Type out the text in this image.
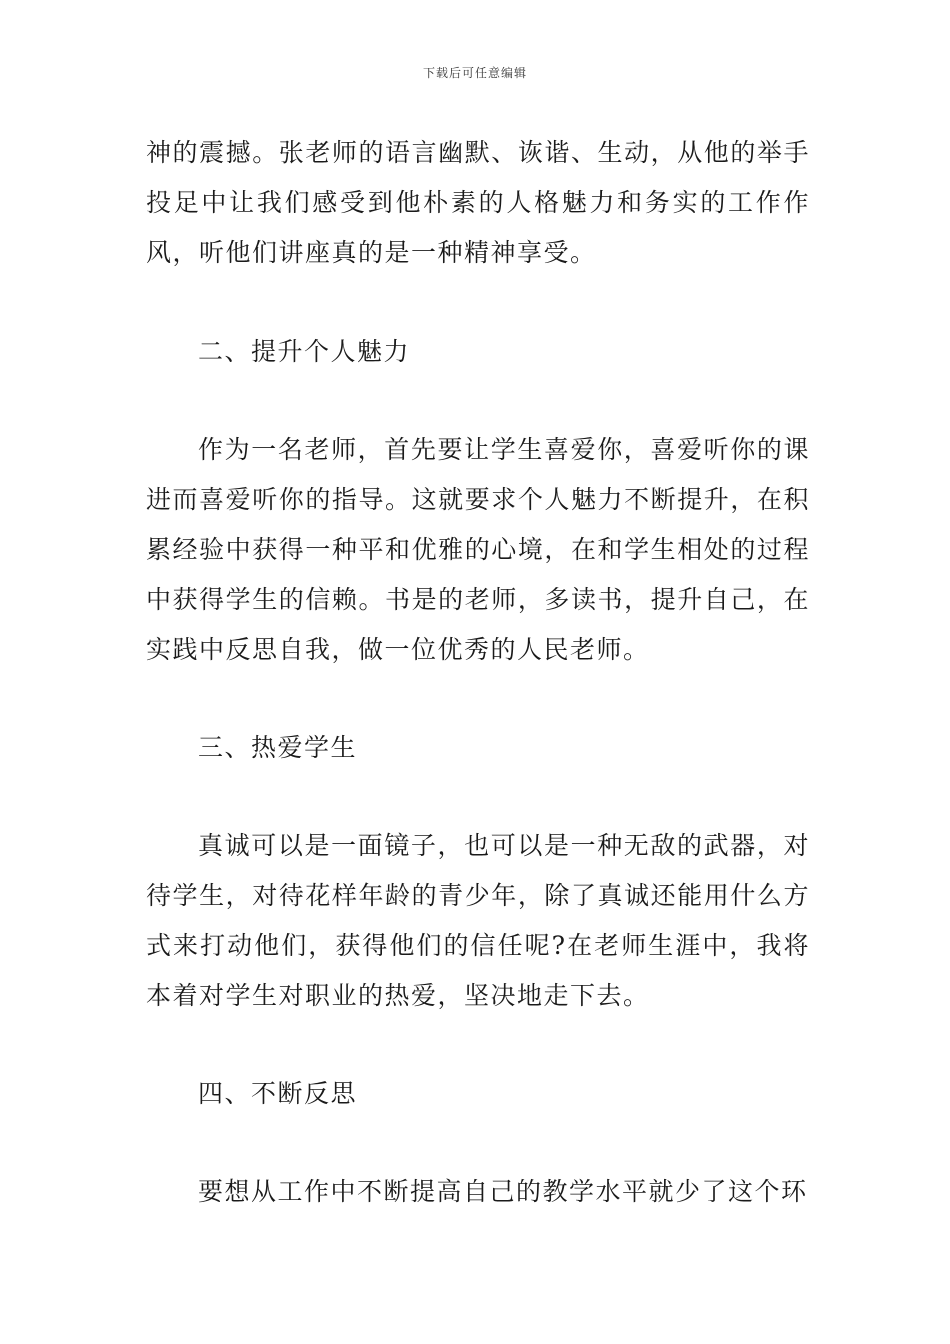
下载后可任意编辑

神的震撼。张老师的语言幽默、诙谐、生动，从他的举手投足中让我们感受到他朴素的人格魅力和务实的工作作风，听他们讲座真的是一种精神享受。

二、提升个人魅力

作为一名老师，首先要让学生喜爱你，喜爱听你的课进而喜爱听你的指导。这就要求个人魅力不断提升，在积累经验中获得一种平和优雅的心境，在和学生相处的过程中获得学生的信赖。书是的老师，多读书，提升自己，在实践中反思自我，做一位优秀的人民老师。

三、热爱学生

真诚可以是一面镜子，也可以是一种无敌的武器，对待学生，对待花样年龄的青少年，除了真诚还能用什么方式来打动他们，获得他们的信任呢?在老师生涯中，我将本着对学生对职业的热爱，坚决地走下去。

四、不断反思

要想从工作中不断提高自己的教学水平就少了这个环
